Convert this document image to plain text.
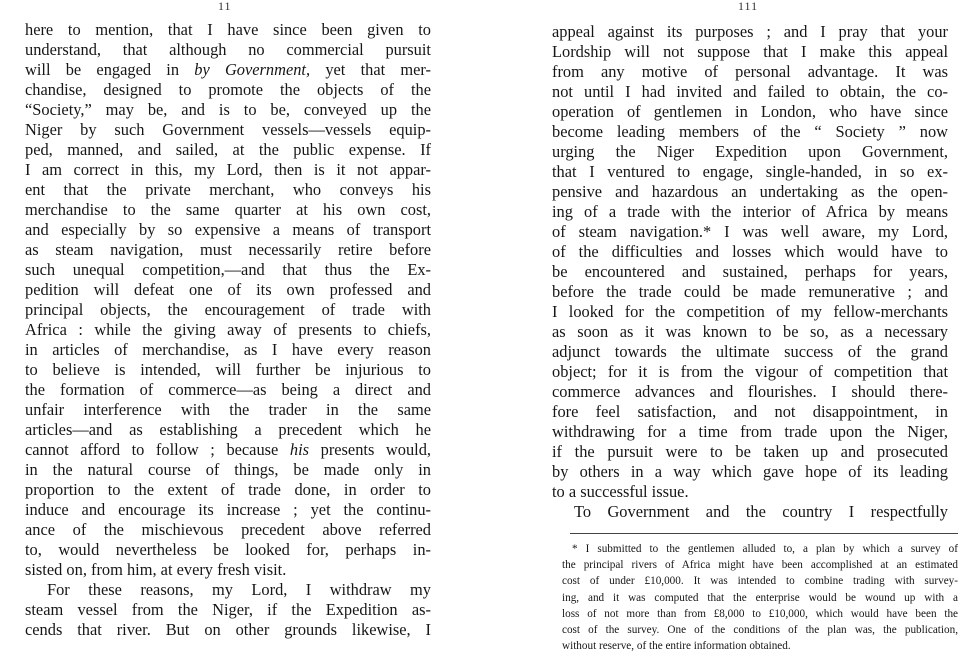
11
here to mention, that I have since been given to
understand, that although no commercial pursuit
will be engaged in by Government, yet that mer-
chandise, designed to promote the objects of the
“Society,” may be, and is to be, conveyed up the
Niger by such Government vessels—vessels equip-
ped, manned, and sailed, at the public expense. If
I am correct in this, my Lord, then is it not appar-
ent that the private merchant, who conveys his
merchandise to the same quarter at his own cost,
and especially by so expensive a means of transport
as steam navigation, must necessarily retire before
such unequal competition,—and that thus the Ex-
pedition will defeat one of its own professed and
principal objects, the encouragement of trade with
Africa : while the giving away of presents to chiefs,
in articles of merchandise, as I have every reason
to believe is intended, will further be injurious to
the formation of commerce—as being a direct and
unfair interference with the trader in the same
articles—and as establishing a precedent which he
cannot afford to follow ; because his presents would,
in the natural course of things, be made only in
proportion to the extent of trade done, in order to
induce and encourage its increase ; yet the continu-
ance of the mischievous precedent above referred
to, would nevertheless be looked for, perhaps in-
sisted on, from him, at every fresh visit.
For these reasons, my Lord, I withdraw my
steam vessel from the Niger, if the Expedition as-
cends that river. But on other grounds likewise, I
111
appeal against its purposes ; and I pray that your
Lordship will not suppose that I make this appeal
from any motive of personal advantage. It was
not until I had invited and failed to obtain, the co-
operation of gentlemen in London, who have since
become leading members of the “ Society ” now
urging the Niger Expedition upon Government,
that I ventured to engage, single-handed, in so ex-
pensive and hazardous an undertaking as the open-
ing of a trade with the interior of Africa by means
of steam navigation.* I was well aware, my Lord,
of the difficulties and losses which would have to
be encountered and sustained, perhaps for years,
before the trade could be made remunerative ; and
I looked for the competition of my fellow-merchants
as soon as it was known to be so, as a necessary
adjunct towards the ultimate success of the grand
object; for it is from the vigour of competition that
commerce advances and flourishes. I should there-
fore feel satisfaction, and not disappointment, in
withdrawing for a time from trade upon the Niger,
if the pursuit were to be taken up and prosecuted
by others in a way which gave hope of its leading
to a successful issue.
To Government and the country I respectfully
* I submitted to the gentlemen alluded to, a plan by which a survey of
the principal rivers of Africa might have been accomplished at an estimated
cost of under £10,000. It was intended to combine trading with survey-
ing, and it was computed that the enterprise would be wound up with a
loss of not more than from £8,000 to £10,000, which would have been the
cost of the survey. One of the conditions of the plan was, the publication,
without reserve, of the entire information obtained.
